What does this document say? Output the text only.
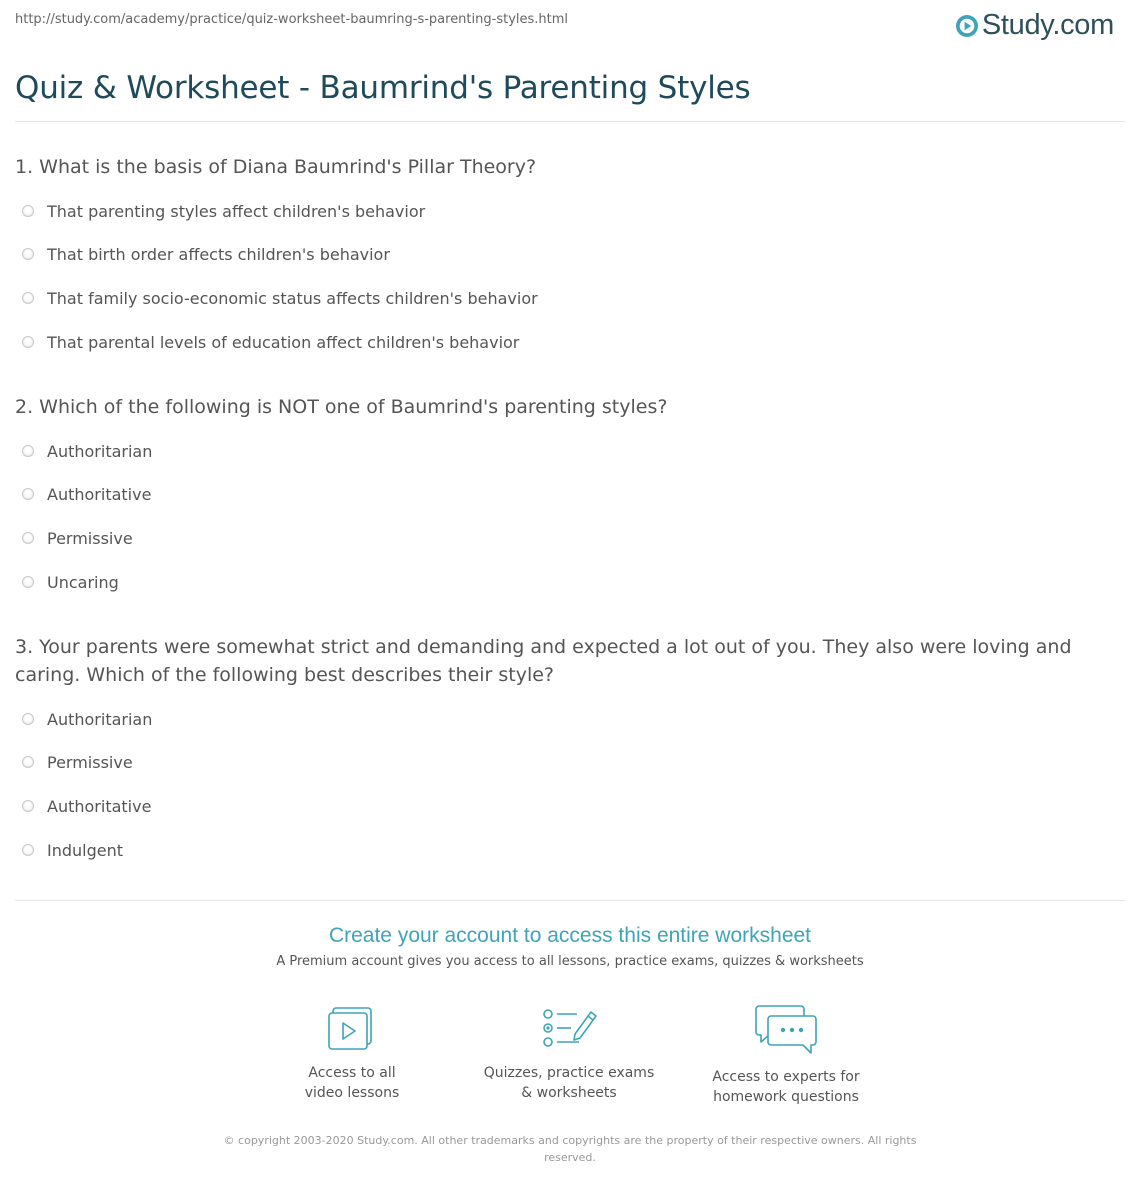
http://study.com/academy/practice/quiz-worksheet-baumring-s-parenting-styles.html	Study.com
Quiz & Worksheet - Baumrind's Parenting Styles
1. What is the basis of Diana Baumrind's Pillar Theory?
That parenting styles affect children's behavior
That birth order affects children's behavior
That family socio-economic status affects children's behavior
That parental levels of education affect children's behavior
2. Which of the following is NOT one of Baumrind's parenting styles?
Authoritarian
Authoritative
Permissive
Uncaring
3. Your parents were somewhat strict and demanding and expected a lot out of you. They also were loving and caring. Which of the following best describes their style?
Authoritarian
Permissive
Authoritative
Indulgent
Create your account to access this entire worksheet
A Premium account gives you access to all lessons, practice exams, quizzes & worksheets
Access to all
video lessons
Quizzes, practice exams
& worksheets
Access to experts for
homework questions
© copyright 2003-2020 Study.com. All other trademarks and copyrights are the property of their respective owners. All rights reserved.
